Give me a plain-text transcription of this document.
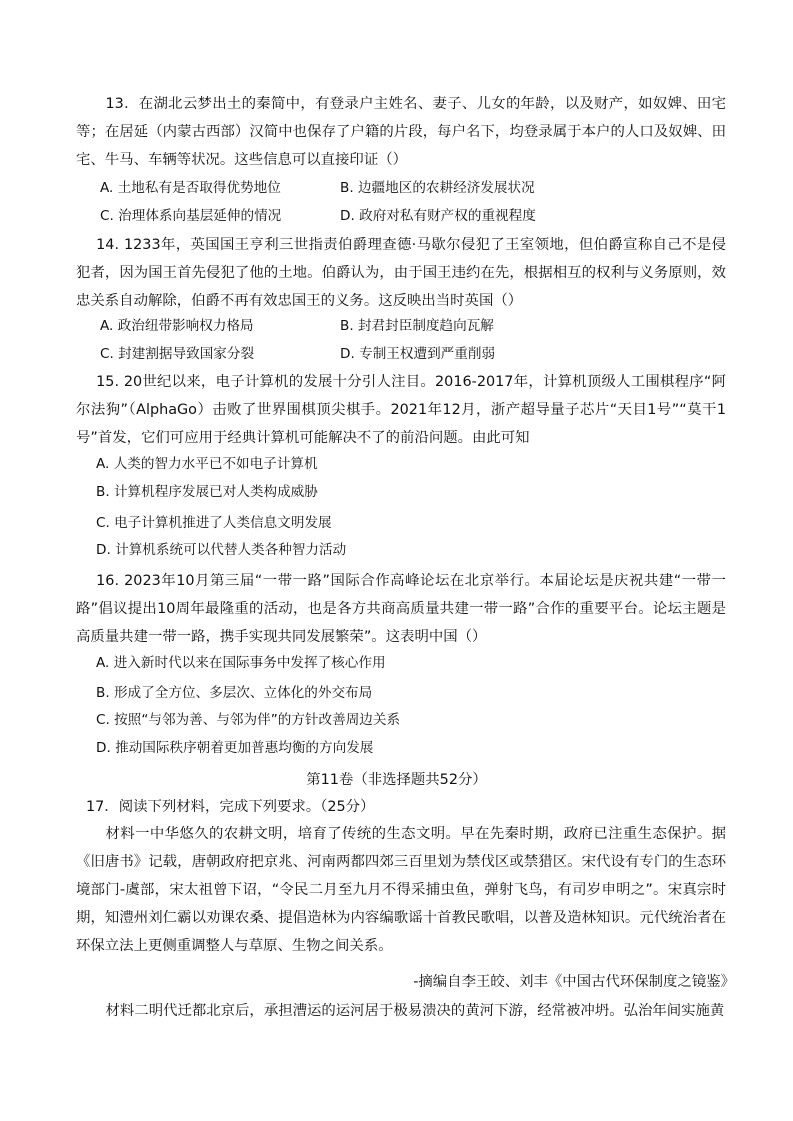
13．在湖北云梦出土的秦简中，有登录户主姓名、妻子、儿女的年龄，以及财产，如奴婢、田宅等；在居延（内蒙古西部）汉简中也保存了户籍的片段，每户名下，均登录属于本户的人口及奴婢、田宅、牛马、车辆等状况。这些信息可以直接印证（）

A. 土地私有是否取得优势地位	B. 边疆地区的农耕经济发展状况

C. 治理体系向基层延伸的情况	D. 政府对私有财产权的重视程度

14. 1233年，英国国王亨利三世指责伯爵理查德·马歇尔侵犯了王室领地，但伯爵宣称自己不是侵犯者，因为国王首先侵犯了他的土地。伯爵认为，由于国王违约在先，根据相互的权利与义务原则，效忠关系自动解除，伯爵不再有效忠国王的义务。这反映出当时英国（）

A. 政治纽带影响权力格局	B. 封君封臣制度趋向瓦解

C. 封建割据导致国家分裂	D. 专制王权遭到严重削弱

15. 20世纪以来，电子计算机的发展十分引人注目。2016-2017年，计算机顶级人工围棋程序“阿尔法狗”（AlphaGo）击败了世界围棋顶尖棋手。2021年12月，浙产超导量子芯片“天目1号”“莫干1号”首发，它们可应用于经典计算机可能解决不了的前沿问题。由此可知

A. 人类的智力水平已不如电子计算机

B. 计算机程序发展已对人类构成威胁

C. 电子计算机推进了人类信息文明发展

D. 计算机系统可以代替人类各种智力活动

16. 2023年10月第三届“一带一路”国际合作高峰论坛在北京举行。本届论坛是庆祝共建“一带一路”倡议提出10周年最隆重的活动，也是各方共商高质量共建一带一路”合作的重要平台。论坛主题是高质量共建一带一路，携手实现共同发展繁荣”。这表明中国（）

A. 进入新时代以来在国际事务中发挥了核心作用

B. 形成了全方位、多层次、立体化的外交布局

C. 按照“与邻为善、与邻为伴”的方针改善周边关系

D. 推动国际秩序朝着更加普惠均衡的方向发展

第11卷（非选择题共52分）

17．阅读下列材料，完成下列要求。（25分）

材料一中华悠久的农耕文明，培育了传统的生态文明。早在先秦时期，政府已注重生态保护。据《旧唐书》记载，唐朝政府把京兆、河南两都四郊三百里划为禁伐区或禁猎区。宋代设有专门的生态环境部门-虞部，宋太祖曾下诏，“令民二月至九月不得采捕虫鱼，弹射飞鸟，有司岁申明之”。宋真宗时期，知澧州刘仁霸以劝课农桑、提倡造林为内容编歌谣十首教民歌唱，以普及造林知识。元代统治者在环保立法上更侧重调整人与草原、生物之间关系。

-摘编自李王皎、刘丰《中国古代环保制度之镜鉴》

材料二明代迁都北京后，承担漕运的运河居于极易溃决的黄河下游，经常被冲坍。弘治年间实施黄
